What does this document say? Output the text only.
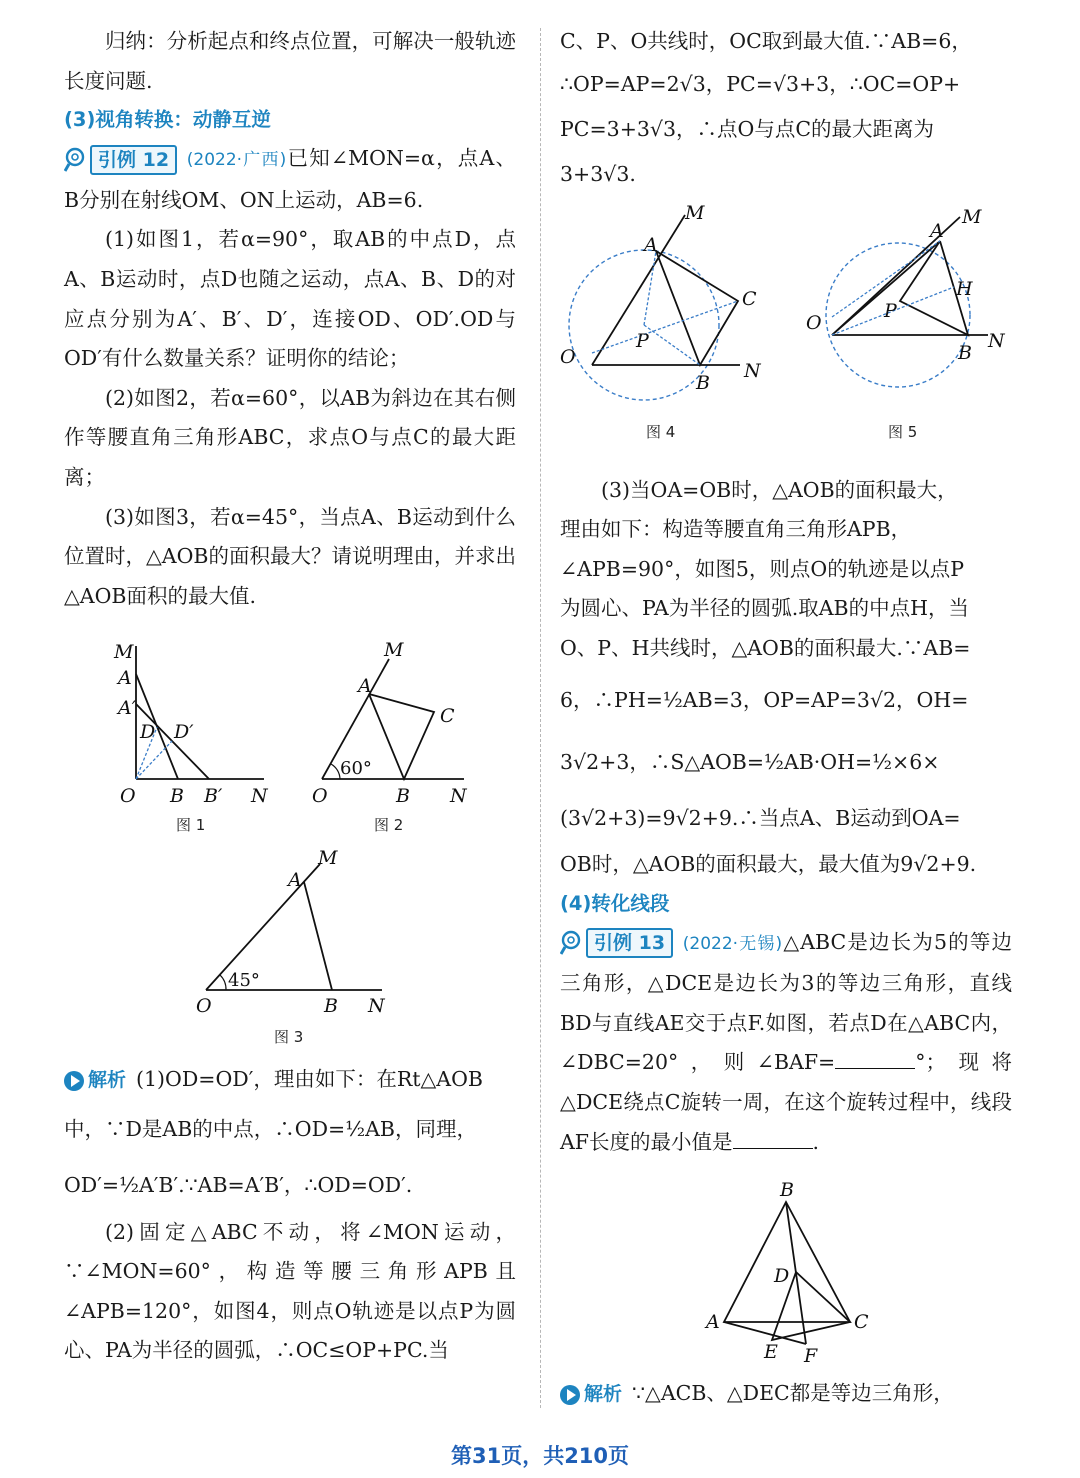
归纳：分析起点和终点位置，可解决一般轨迹长度问题.

(3)视角转换：动静互逆

引例 12	(2022·广西)已知∠MON=α，点A、B分别在射线OM、ON上运动，AB=6.

(1)如图1，若α=90°，取AB的中点D，点A、B运动时，点D也随之运动，点A、B、D的对应点分别为A′、B′、D′，连接OD、OD′.OD与OD′有什么数量关系？证明你的结论；

(2)如图2，若α=60°，以AB为斜边在其右侧作等腰直角三角形ABC，求点O与点C的最大距离；

(3)如图3，若α=45°，当点A、B运动到什么位置时，△AOB的面积最大？请说明理由，并求出△AOB面积的最大值.

M
A
A′
D D′
O B B′ N
图 1
M
A
C
60°
O	B N
图 2
M
A
45°
O	B N
图 3

解析 (1)OD=OD′，理由如下：在Rt△AOB

中，∵D是AB的中点，∴OD=½AB，同理，

OD′=½A′B′.∵AB=A′B′，∴OD=OD′.

(2)固定△ABC不动，将∠MON运动，∵∠MON=60°，构造等腰三角形APB且∠APB=120°，如图4，则点O轨迹是以点P为圆心、PA为半径的圆弧，∴OC≤OP+PC.当

C、P、O共线时，OC取到最大值.∵AB=6，

∴OP=AP=2√3，PC=√3+3，∴OC=OP+

PC=3+3√3，∴点O与点C的最大距离为

3+3√3.

M
A
C
P
O
B
N
图 4
M
A
H
P
O
B
N
图 5

(3)当OA=OB时，△AOB的面积最大，

理由如下：构造等腰直角三角形APB，

∠APB=90°，如图5，则点O的轨迹是以点P

为圆心、PA为半径的圆弧.取AB的中点H，当

O、P、H共线时，△AOB的面积最大.∵AB=

6，∴PH=½AB=3，OP=AP=3√2，OH=

3√2+3，∴S△AOB=½AB·OH=½×6×

(3√2+3)=9√2+9.∴当点A、B运动到OA=

OB时，△AOB的面积最大，最大值为9√2+9.

(4)转化线段

引例 13	(2022·无锡)△ABC是边长为5的等边三角形，△DCE是边长为3的等边三角形，直线BD与直线AE交于点F.如图，若点D在△ABC内，∠DBC=20°，则∠BAF=	°；现将△DCE绕点C旋转一周，在这个旋转过程中，线段AF长度的最小值是	.

B
D
A	C
E F

解析 ∵△ACB、△DEC都是等边三角形，

第31页，共210页
